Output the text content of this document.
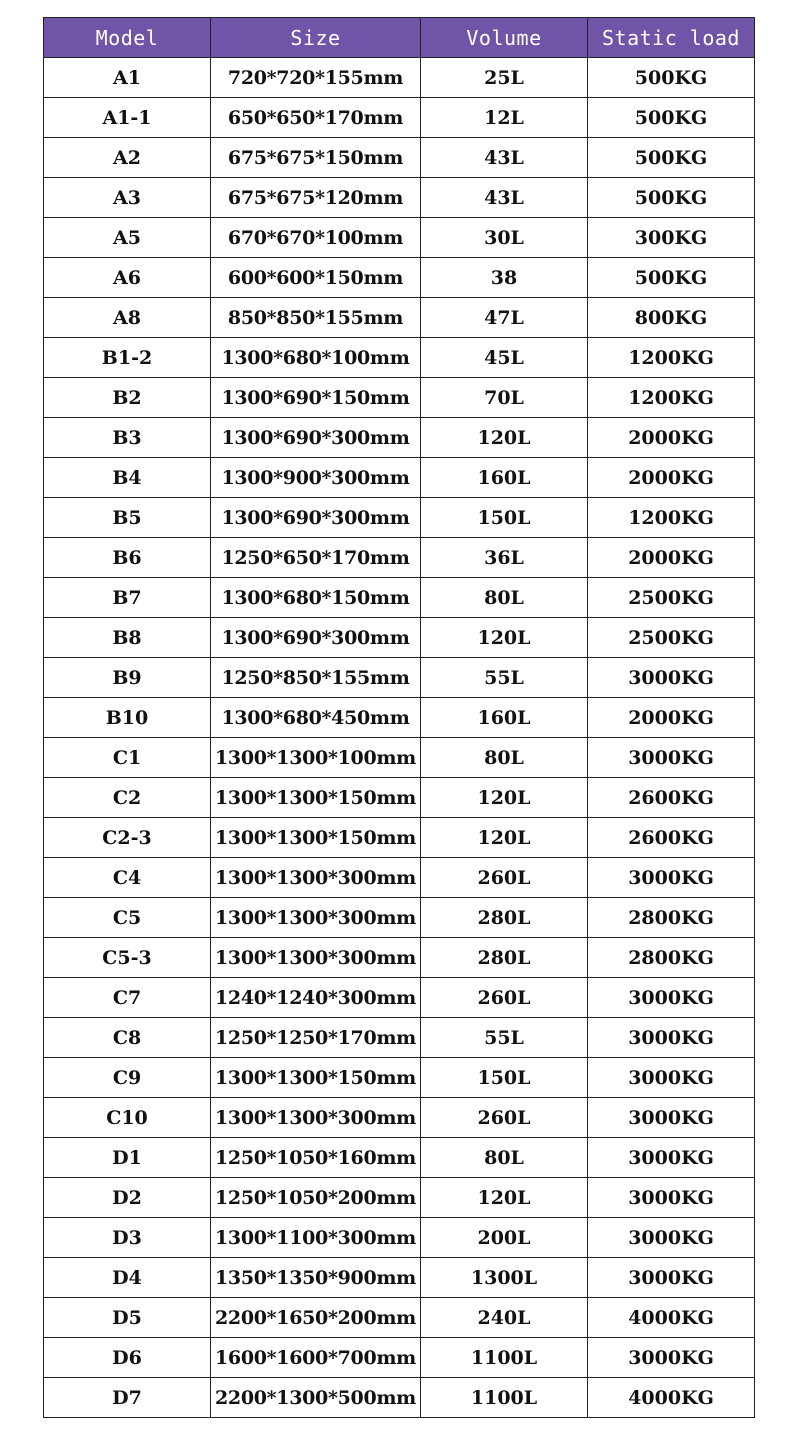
Model	Size	Volume	Static load
A1	720*720*155mm	25L	500KG
A1-1	650*650*170mm	12L	500KG
A2	675*675*150mm	43L	500KG
A3	675*675*120mm	43L	500KG
A5	670*670*100mm	30L	300KG
A6	600*600*150mm	38	500KG
A8	850*850*155mm	47L	800KG
B1-2	1300*680*100mm	45L	1200KG
B2	1300*690*150mm	70L	1200KG
B3	1300*690*300mm	120L	2000KG
B4	1300*900*300mm	160L	2000KG
B5	1300*690*300mm	150L	1200KG
B6	1250*650*170mm	36L	2000KG
B7	1300*680*150mm	80L	2500KG
B8	1300*690*300mm	120L	2500KG
B9	1250*850*155mm	55L	3000KG
B10	1300*680*450mm	160L	2000KG
C1	1300*1300*100mm	80L	3000KG
C2	1300*1300*150mm	120L	2600KG
C2-3	1300*1300*150mm	120L	2600KG
C4	1300*1300*300mm	260L	3000KG
C5	1300*1300*300mm	280L	2800KG
C5-3	1300*1300*300mm	280L	2800KG
C7	1240*1240*300mm	260L	3000KG
C8	1250*1250*170mm	55L	3000KG
C9	1300*1300*150mm	150L	3000KG
C10	1300*1300*300mm	260L	3000KG
D1	1250*1050*160mm	80L	3000KG
D2	1250*1050*200mm	120L	3000KG
D3	1300*1100*300mm	200L	3000KG
D4	1350*1350*900mm	1300L	3000KG
D5	2200*1650*200mm	240L	4000KG
D6	1600*1600*700mm	1100L	3000KG
D7	2200*1300*500mm	1100L	4000KG
